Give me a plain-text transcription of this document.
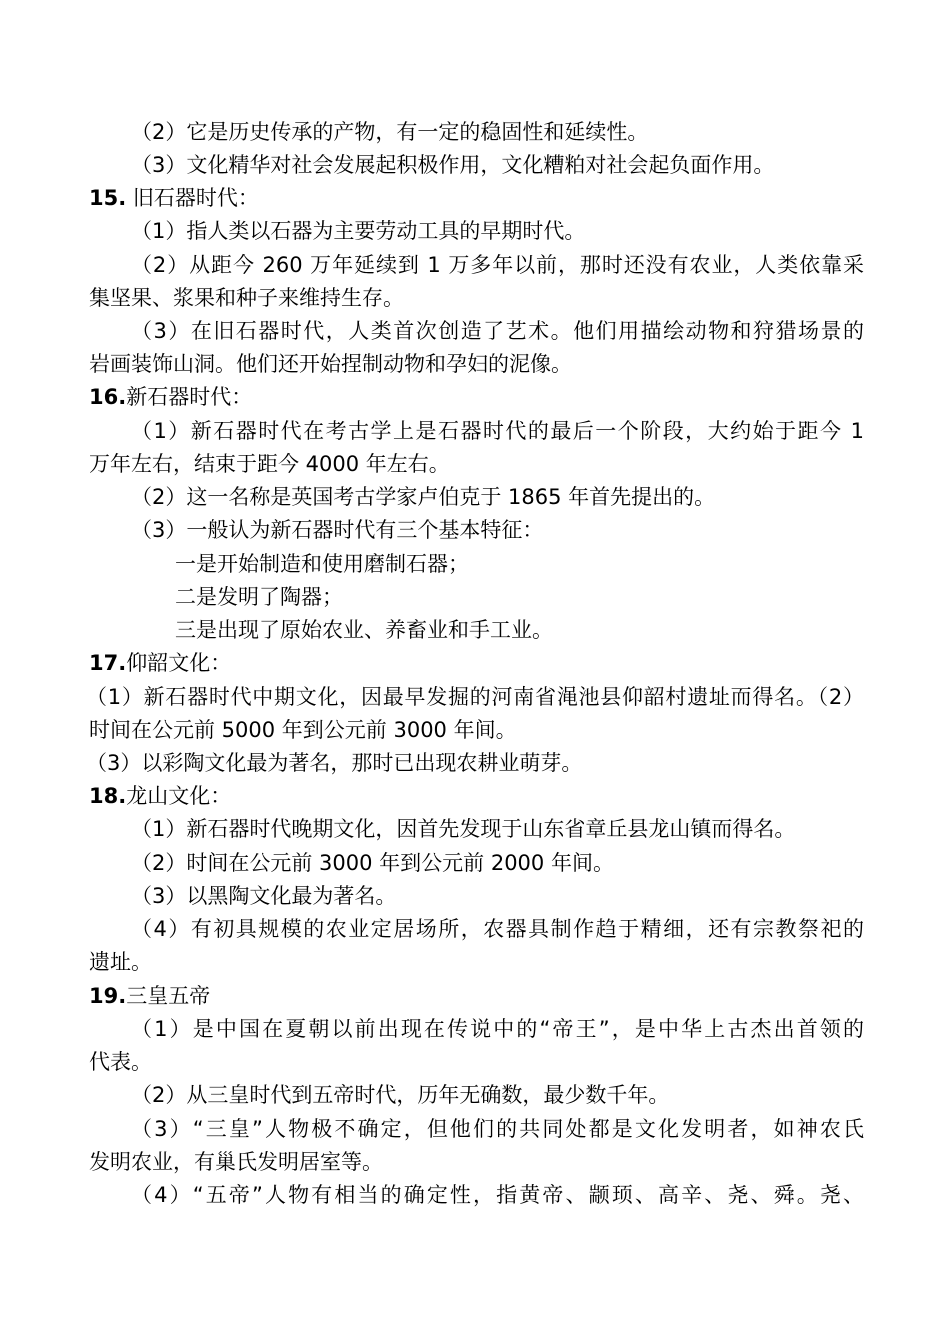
（2）它是历史传承的产物，有一定的稳固性和延续性。
（3）文化精华对社会发展起积极作用，文化糟粕对社会起负面作用。
15. 旧石器时代：
（1）指人类以石器为主要劳动工具的早期时代。
（2）从距今 260 万年延续到 1 万多年以前，那时还没有农业，人类依靠采
集坚果、浆果和种子来维持生存。
（3）在旧石器时代，人类首次创造了艺术。他们用描绘动物和狩猎场景的
岩画装饰山洞。他们还开始捏制动物和孕妇的泥像。
16.新石器时代：
（1）新石器时代在考古学上是石器时代的最后一个阶段，大约始于距今 1
万年左右，结束于距今 4000 年左右。
（2）这一名称是英国考古学家卢伯克于 1865 年首先提出的。
（3）一般认为新石器时代有三个基本特征：
一是开始制造和使用磨制石器；
二是发明了陶器；
三是出现了原始农业、养畜业和手工业。
17.仰韶文化：
（1）新石器时代中期文化，因最早发掘的河南省渑池县仰韶村遗址而得名。（2）
时间在公元前 5000 年到公元前 3000 年间。
（3）以彩陶文化最为著名，那时已出现农耕业萌芽。
18.龙山文化：
（1）新石器时代晚期文化，因首先发现于山东省章丘县龙山镇而得名。
（2）时间在公元前 3000 年到公元前 2000 年间。
（3）以黑陶文化最为著名。
（4）有初具规模的农业定居场所，农器具制作趋于精细，还有宗教祭祀的
遗址。
19.三皇五帝
（1）是中国在夏朝以前出现在传说中的“帝王”，是中华上古杰出首领的
代表。
（2）从三皇时代到五帝时代，历年无确数，最少数千年。
（3）“三皇”人物极不确定，但他们的共同处都是文化发明者，如神农氏
发明农业，有巢氏发明居室等。
（4）“五帝”人物有相当的确定性，指黄帝、颛顼、高辛、尧、舜。尧、
